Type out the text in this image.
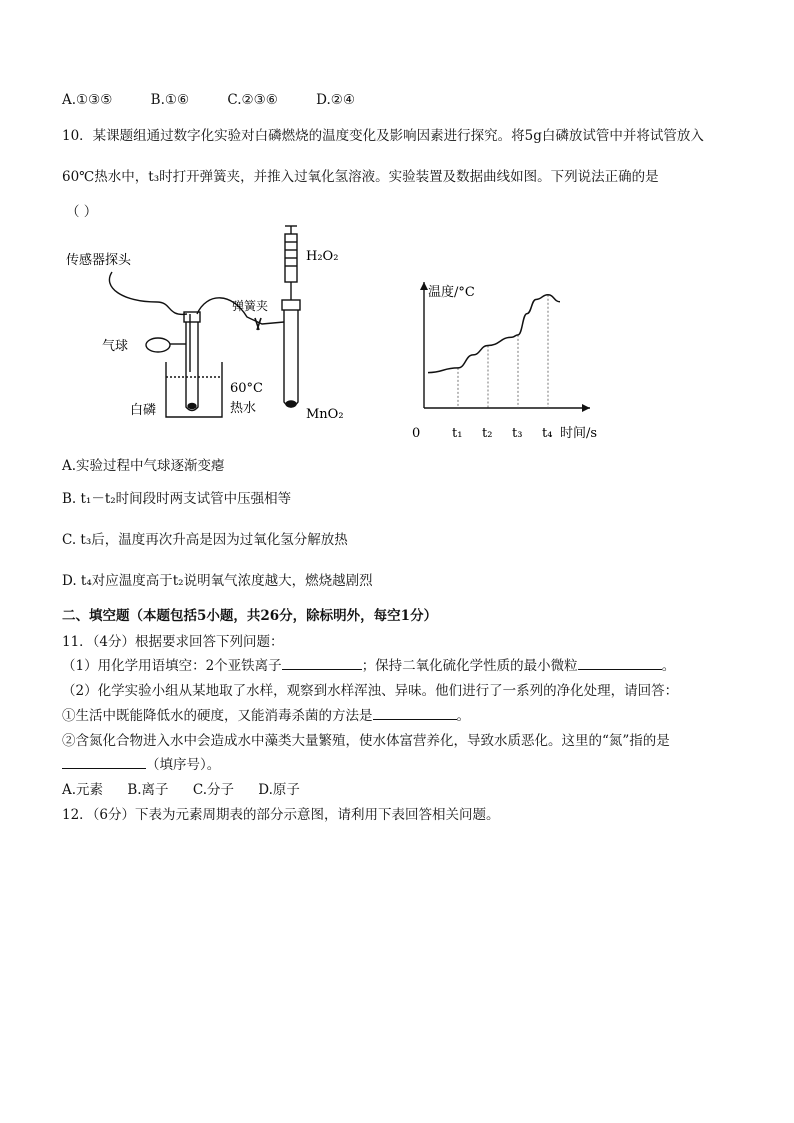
A.①③⑤	B.①⑥	C.②③⑥	D.②④
10．某课题组通过数字化实验对白磷燃烧的温度变化及影响因素进行探究。将5g白磷放试管中并将试管放入
60℃热水中，t₃时打开弹簧夹，并推入过氧化氢溶液。实验装置及数据曲线如图。下列说法正确的是
（ ）
传感器探头
气球
白磷
60°C
热水
H₂O₂
弹簧夹
MnO₂
温度/°C
时间/s
0 t₁ t₂ t₃ t₄
A.实验过程中气球逐渐变瘪
B. t₁－t₂时间段时两支试管中压强相等
C. t₃后，温度再次升高是因为过氧化氢分解放热
D. t₄对应温度高于t₂说明氧气浓度越大，燃烧越剧烈
二、填空题（本题包括5小题，共26分，除标明外，每空1分）
11．（4分）根据要求回答下列问题：
（1）用化学用语填空：2个亚铁离子	；保持二氧化硫化学性质的最小微粒	。
（2）化学实验小组从某地取了水样，观察到水样浑浊、异味。他们进行了一系列的净化处理，请回答：
①生活中既能降低水的硬度，又能消毒杀菌的方法是	。
②含氮化合物进入水中会造成水中藻类大量繁殖，使水体富营养化，导致水质恶化。这里的“氮”指的是
（填序号）。
A.元素 B.离子 C.分子 D.原子
12．（6分）下表为元素周期表的部分示意图，请利用下表回答相关问题。
